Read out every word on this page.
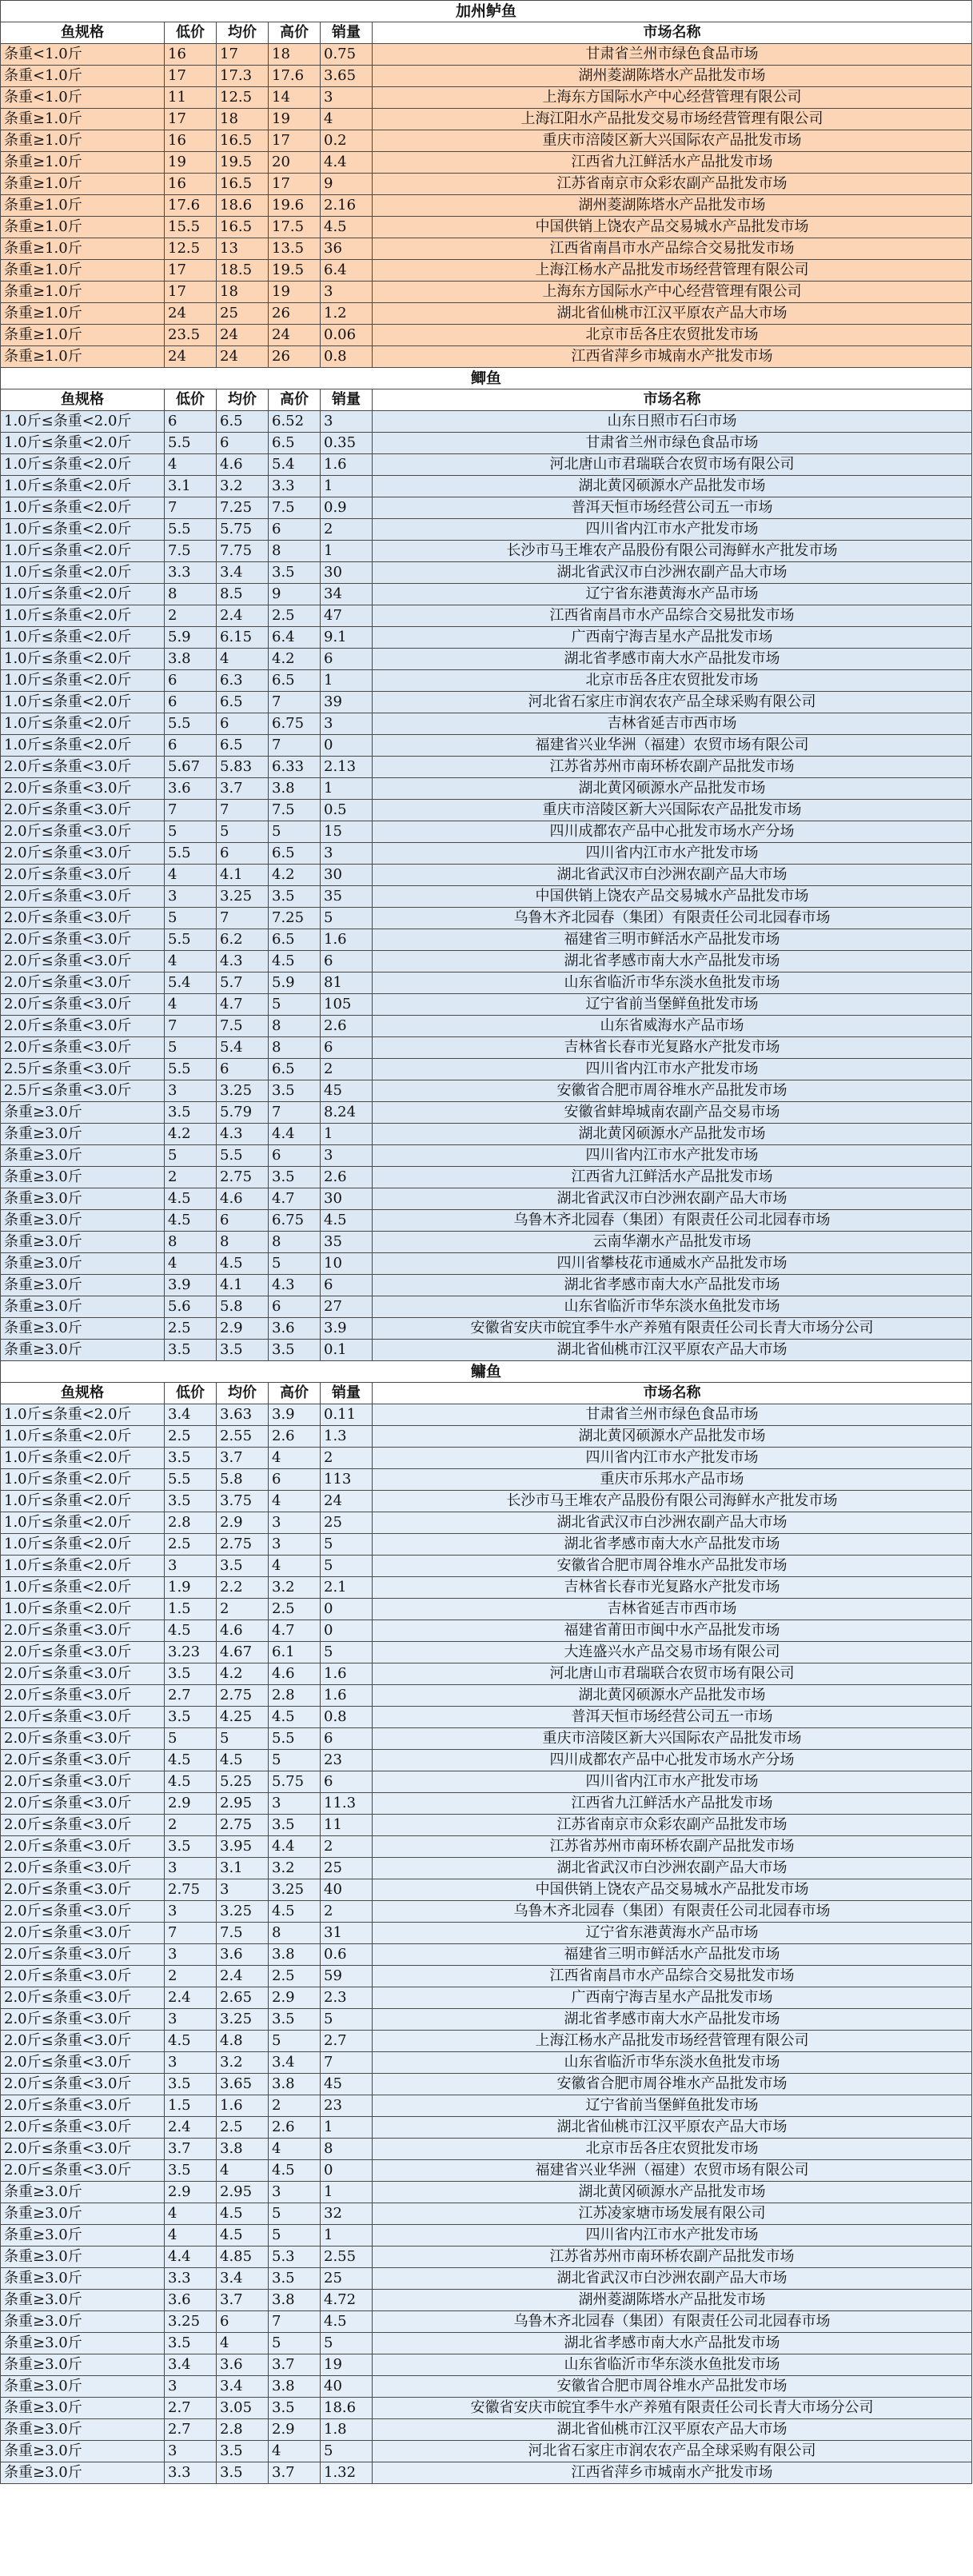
加州鲈鱼					
鱼规格	低价	均价	高价	销量	市场名称
条重<1.0斤	16	17	18	0.75	甘肃省兰州市绿色食品市场
条重<1.0斤	17	17.3	17.6	3.65	湖州菱湖陈塔水产品批发市场
条重<1.0斤	11	12.5	14	3	上海东方国际水产中心经营管理有限公司
条重≥1.0斤	17	18	19	4	上海江阳水产品批发交易市场经营管理有限公司
条重≥1.0斤	16	16.5	17	0.2	重庆市涪陵区新大兴国际农产品批发市场
条重≥1.0斤	19	19.5	20	4.4	江西省九江鲜活水产品批发市场
条重≥1.0斤	16	16.5	17	9	江苏省南京市众彩农副产品批发市场
条重≥1.0斤	17.6	18.6	19.6	2.16	湖州菱湖陈塔水产品批发市场
条重≥1.0斤	15.5	16.5	17.5	4.5	中国供销上饶农产品交易城水产品批发市场
条重≥1.0斤	12.5	13	13.5	36	江西省南昌市水产品综合交易批发市场
条重≥1.0斤	17	18.5	19.5	6.4	上海江杨水产品批发市场经营管理有限公司
条重≥1.0斤	17	18	19	3	上海东方国际水产中心经营管理有限公司
条重≥1.0斤	24	25	26	1.2	湖北省仙桃市江汉平原农产品大市场
条重≥1.0斤	23.5	24	24	0.06	北京市岳各庄农贸批发市场
条重≥1.0斤	24	24	26	0.8	江西省萍乡市城南水产批发市场
鲫鱼					
鱼规格	低价	均价	高价	销量	市场名称
1.0斤≤条重<2.0斤	6	6.5	6.52	3	山东日照市石臼市场
1.0斤≤条重<2.0斤	5.5	6	6.5	0.35	甘肃省兰州市绿色食品市场
1.0斤≤条重<2.0斤	4	4.6	5.4	1.6	河北唐山市君瑞联合农贸市场有限公司
1.0斤≤条重<2.0斤	3.1	3.2	3.3	1	湖北黄冈硕源水产品批发市场
1.0斤≤条重<2.0斤	7	7.25	7.5	0.9	普洱天恒市场经营公司五一市场
1.0斤≤条重<2.0斤	5.5	5.75	6	2	四川省内江市水产批发市场
1.0斤≤条重<2.0斤	7.5	7.75	8	1	长沙市马王堆农产品股份有限公司海鲜水产批发市场
1.0斤≤条重<2.0斤	3.3	3.4	3.5	30	湖北省武汉市白沙洲农副产品大市场
1.0斤≤条重<2.0斤	8	8.5	9	34	辽宁省东港黄海水产品市场
1.0斤≤条重<2.0斤	2	2.4	2.5	47	江西省南昌市水产品综合交易批发市场
1.0斤≤条重<2.0斤	5.9	6.15	6.4	9.1	广西南宁海吉星水产品批发市场
1.0斤≤条重<2.0斤	3.8	4	4.2	6	湖北省孝感市南大水产品批发市场
1.0斤≤条重<2.0斤	6	6.3	6.5	1	北京市岳各庄农贸批发市场
1.0斤≤条重<2.0斤	6	6.5	7	39	河北省石家庄市润农农产品全球采购有限公司
1.0斤≤条重<2.0斤	5.5	6	6.75	3	吉林省延吉市西市场
1.0斤≤条重<2.0斤	6	6.5	7	0	福建省兴业华洲（福建）农贸市场有限公司
2.0斤≤条重<3.0斤	5.67	5.83	6.33	2.13	江苏省苏州市南环桥农副产品批发市场
2.0斤≤条重<3.0斤	3.6	3.7	3.8	1	湖北黄冈硕源水产品批发市场
2.0斤≤条重<3.0斤	7	7	7.5	0.5	重庆市涪陵区新大兴国际农产品批发市场
2.0斤≤条重<3.0斤	5	5	5	15	四川成都农产品中心批发市场水产分场
2.0斤≤条重<3.0斤	5.5	6	6.5	3	四川省内江市水产批发市场
2.0斤≤条重<3.0斤	4	4.1	4.2	30	湖北省武汉市白沙洲农副产品大市场
2.0斤≤条重<3.0斤	3	3.25	3.5	35	中国供销上饶农产品交易城水产品批发市场
2.0斤≤条重<3.0斤	5	7	7.25	5	乌鲁木齐北园春（集团）有限责任公司北园春市场
2.0斤≤条重<3.0斤	5.5	6.2	6.5	1.6	福建省三明市鲜活水产品批发市场
2.0斤≤条重<3.0斤	4	4.3	4.5	6	湖北省孝感市南大水产品批发市场
2.0斤≤条重<3.0斤	5.4	5.7	5.9	81	山东省临沂市华东淡水鱼批发市场
2.0斤≤条重<3.0斤	4	4.7	5	105	辽宁省前当堡鲜鱼批发市场
2.0斤≤条重<3.0斤	7	7.5	8	2.6	山东省威海水产品市场
2.0斤≤条重<3.0斤	5	5.4	8	6	吉林省长春市光复路水产批发市场
2.5斤≤条重<3.0斤	5.5	6	6.5	2	四川省内江市水产批发市场
2.5斤≤条重<3.0斤	3	3.25	3.5	45	安徽省合肥市周谷堆水产品批发市场
条重≥3.0斤	3.5	5.79	7	8.24	安徽省蚌埠城南农副产品交易市场
条重≥3.0斤	4.2	4.3	4.4	1	湖北黄冈硕源水产品批发市场
条重≥3.0斤	5	5.5	6	3	四川省内江市水产批发市场
条重≥3.0斤	2	2.75	3.5	2.6	江西省九江鲜活水产品批发市场
条重≥3.0斤	4.5	4.6	4.7	30	湖北省武汉市白沙洲农副产品大市场
条重≥3.0斤	4.5	6	6.75	4.5	乌鲁木齐北园春（集团）有限责任公司北园春市场
条重≥3.0斤	8	8	8	35	云南华潮水产品批发市场
条重≥3.0斤	4	4.5	5	10	四川省攀枝花市通威水产品批发市场
条重≥3.0斤	3.9	4.1	4.3	6	湖北省孝感市南大水产品批发市场
条重≥3.0斤	5.6	5.8	6	27	山东省临沂市华东淡水鱼批发市场
条重≥3.0斤	2.5	2.9	3.6	3.9	安徽省安庆市皖宜季牛水产养殖有限责任公司长青大市场分公司
条重≥3.0斤	3.5	3.5	3.5	0.1	湖北省仙桃市江汉平原农产品大市场
鳙鱼					
鱼规格	低价	均价	高价	销量	市场名称
1.0斤≤条重<2.0斤	3.4	3.63	3.9	0.11	甘肃省兰州市绿色食品市场
1.0斤≤条重<2.0斤	2.5	2.55	2.6	1.3	湖北黄冈硕源水产品批发市场
1.0斤≤条重<2.0斤	3.5	3.7	4	2	四川省内江市水产批发市场
1.0斤≤条重<2.0斤	5.5	5.8	6	113	重庆市乐邦水产品市场
1.0斤≤条重<2.0斤	3.5	3.75	4	24	长沙市马王堆农产品股份有限公司海鲜水产批发市场
1.0斤≤条重<2.0斤	2.8	2.9	3	25	湖北省武汉市白沙洲农副产品大市场
1.0斤≤条重<2.0斤	2.5	2.75	3	5	湖北省孝感市南大水产品批发市场
1.0斤≤条重<2.0斤	3	3.5	4	5	安徽省合肥市周谷堆水产品批发市场
1.0斤≤条重<2.0斤	1.9	2.2	3.2	2.1	吉林省长春市光复路水产批发市场
1.0斤≤条重<2.0斤	1.5	2	2.5	0	吉林省延吉市西市场
2.0斤≤条重<3.0斤	4.5	4.6	4.7	0	福建省莆田市闽中水产品批发市场
2.0斤≤条重<3.0斤	3.23	4.67	6.1	5	大连盛兴水产品交易市场有限公司
2.0斤≤条重<3.0斤	3.5	4.2	4.6	1.6	河北唐山市君瑞联合农贸市场有限公司
2.0斤≤条重<3.0斤	2.7	2.75	2.8	1.6	湖北黄冈硕源水产品批发市场
2.0斤≤条重<3.0斤	3.5	4.25	4.5	0.8	普洱天恒市场经营公司五一市场
2.0斤≤条重<3.0斤	5	5	5.5	6	重庆市涪陵区新大兴国际农产品批发市场
2.0斤≤条重<3.0斤	4.5	4.5	5	23	四川成都农产品中心批发市场水产分场
2.0斤≤条重<3.0斤	4.5	5.25	5.75	6	四川省内江市水产批发市场
2.0斤≤条重<3.0斤	2.9	2.95	3	11.3	江西省九江鲜活水产品批发市场
2.0斤≤条重<3.0斤	2	2.75	3.5	11	江苏省南京市众彩农副产品批发市场
2.0斤≤条重<3.0斤	3.5	3.95	4.4	2	江苏省苏州市南环桥农副产品批发市场
2.0斤≤条重<3.0斤	3	3.1	3.2	25	湖北省武汉市白沙洲农副产品大市场
2.0斤≤条重<3.0斤	2.75	3	3.25	40	中国供销上饶农产品交易城水产品批发市场
2.0斤≤条重<3.0斤	3	3.25	4.5	2	乌鲁木齐北园春（集团）有限责任公司北园春市场
2.0斤≤条重<3.0斤	7	7.5	8	31	辽宁省东港黄海水产品市场
2.0斤≤条重<3.0斤	3	3.6	3.8	0.6	福建省三明市鲜活水产品批发市场
2.0斤≤条重<3.0斤	2	2.4	2.5	59	江西省南昌市水产品综合交易批发市场
2.0斤≤条重<3.0斤	2.4	2.65	2.9	2.3	广西南宁海吉星水产品批发市场
2.0斤≤条重<3.0斤	3	3.25	3.5	5	湖北省孝感市南大水产品批发市场
2.0斤≤条重<3.0斤	4.5	4.8	5	2.7	上海江杨水产品批发市场经营管理有限公司
2.0斤≤条重<3.0斤	3	3.2	3.4	7	山东省临沂市华东淡水鱼批发市场
2.0斤≤条重<3.0斤	3.5	3.65	3.8	45	安徽省合肥市周谷堆水产品批发市场
2.0斤≤条重<3.0斤	1.5	1.6	2	23	辽宁省前当堡鲜鱼批发市场
2.0斤≤条重<3.0斤	2.4	2.5	2.6	1	湖北省仙桃市江汉平原农产品大市场
2.0斤≤条重<3.0斤	3.7	3.8	4	8	北京市岳各庄农贸批发市场
2.0斤≤条重<3.0斤	3.5	4	4.5	0	福建省兴业华洲（福建）农贸市场有限公司
条重≥3.0斤	2.9	2.95	3	1	湖北黄冈硕源水产品批发市场
条重≥3.0斤	4	4.5	5	32	江苏凌家塘市场发展有限公司
条重≥3.0斤	4	4.5	5	1	四川省内江市水产批发市场
条重≥3.0斤	4.4	4.85	5.3	2.55	江苏省苏州市南环桥农副产品批发市场
条重≥3.0斤	3.3	3.4	3.5	25	湖北省武汉市白沙洲农副产品大市场
条重≥3.0斤	3.6	3.7	3.8	4.72	湖州菱湖陈塔水产品批发市场
条重≥3.0斤	3.25	6	7	4.5	乌鲁木齐北园春（集团）有限责任公司北园春市场
条重≥3.0斤	3.5	4	5	5	湖北省孝感市南大水产品批发市场
条重≥3.0斤	3.4	3.6	3.7	19	山东省临沂市华东淡水鱼批发市场
条重≥3.0斤	3	3.4	3.8	40	安徽省合肥市周谷堆水产品批发市场
条重≥3.0斤	2.7	3.05	3.5	18.6	安徽省安庆市皖宜季牛水产养殖有限责任公司长青大市场分公司
条重≥3.0斤	2.7	2.8	2.9	1.8	湖北省仙桃市江汉平原农产品大市场
条重≥3.0斤	3	3.5	4	5	河北省石家庄市润农农产品全球采购有限公司
条重≥3.0斤	3.3	3.5	3.7	1.32	江西省萍乡市城南水产批发市场
